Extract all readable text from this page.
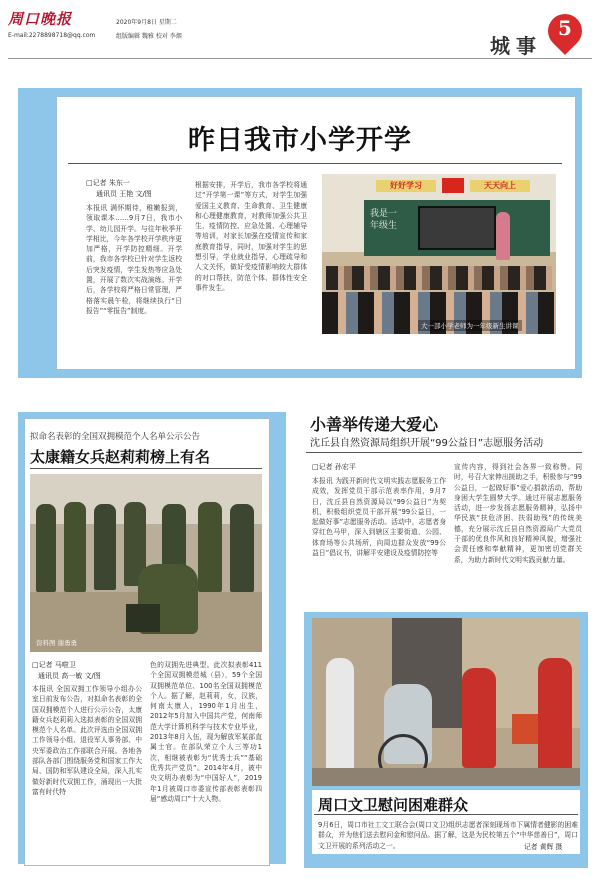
周口晚报
E-mail:2278898718@qq.com
2020年9月8日 星期二
组版编辑 魏雅 校对 李烟	城事
5
昨日我市小学开学
□记者 朱东一
通讯员 王艳 文/图
本报讯 满怀期待，稚嫩报到，领取课本……9月7日，我市小学、幼儿园开学。与往年秋季开学相比，今年各学校开学秩序更加严格，开学防控精细。开学前，我市各学校已针对学生返校后突发疫情，学生发热等应急处置，开展了数次实战演练。开学后，各学校将严格日常管理，严格落实晨午检，将继续执行“日报告”“零报告”制度。
根据安排，开学后，我市各学校将通过“开学第一课”等方式，对学生加强爱国主义教育、生命教育、卫生健康和心理健康教育，对教师加强公共卫生、疫情防控、应急处置、心理辅导等培训，对家长加强在疫情宣传和家庭教育指导，同时，加强对学生的思想引导，学业就业指导，心理疏导和人文关怀，做好受疫情影响较大群体的对口帮扶，防范个体、群体性安全事件发生。
好好学习	天天向上
我是一年级生
大一部小学老师为一年级新生讲课
拟命名表彰的全国双拥模范个人名单公示公告
太康籍女兵赵莉莉榜上有名
资料图 谢勇勇
□记者 马啦卫
通讯员 高一敏 文/图
本报讯 全国双拥工作领导小组办公室日前发布公告，对拟命名表彰的全国双拥模范个人进行公示公告，太康籍女兵赵莉莉入选拟表彰的全国双拥模范个人名单。此次评选由全国双拥工作领导小组、退役军人事务部、中央军委政治工作部联合开展。各地各部队各部门围绕服务党和国家工作大局、国防和军队建设全局，深入扎实做好新时代双拥工作，涌现出一大批富有时代特
色的双拥先进典型。此次拟表彰411个全国双拥模范城（县），59个全国双拥模范单位、100名全国双拥模范个人。据了解，赵莉莉，女，汉族，何南太康人，1990年1月出生，2012年5月加入中国共产党，何南师范大学计算机科学与技术专业毕业，2013年8月入伍，现为解放军某部直属士官。在部队荣立个人三等功1次，相继被表彰为“优秀士兵”“基础优秀共产党员”。2014年4月，被中央文明办表彰为“中国好人”，2019年1月被周口市委宣传部表彰表彰四届“感动周口”十大人物。
小善举传递大爱心
沈丘县自然资源局组织开展“99公益日”志愿服务活动
□记者 孙宏平
本报讯 为践开新时代文明实践志愿服务工作成效，发挥党员干部示范表率作用，9月7日，沈丘县自然资源局以“99公益日”为契机，积极组织党员干部开展“99公益日，一起做好事”志愿服务活动。活动中，志愿者身穿红色马甲，深入到辖区主要街道、公园、体育场等公共场所，向周边群众发放“99公益日”倡议书，讲解平安建设及疫情防控等
宣传内容，得到社会各界一致称赞。同时，号召大家伸出援助之手，积极参与“99公益日，一起做好事”爱心捐款活动，帮助身困大学生圆梦大学。通过开展志愿服务活动，进一步发扬志愿服务精神，弘扬中华民族“扶危济困、扶弱助残”的传统美德，充分展示沈丘县自然资源局广大党员干部的优良作风和良好精神风貌，增强社会责任感和奉献精神，更加密切党群关系，为助力新时代文明实践贡献力量。
周口文卫慰问困难群众
9月6日，周口市社工文工联合会(周口文卫)组织志愿者深刻现场市下属情者健影的困难群众，并为他们送去慰问金和慰问品。据了解，这是为民校第五个“中华慈善日”，周口文卫开展的系列活动之一。	记者 黄辉 摄
